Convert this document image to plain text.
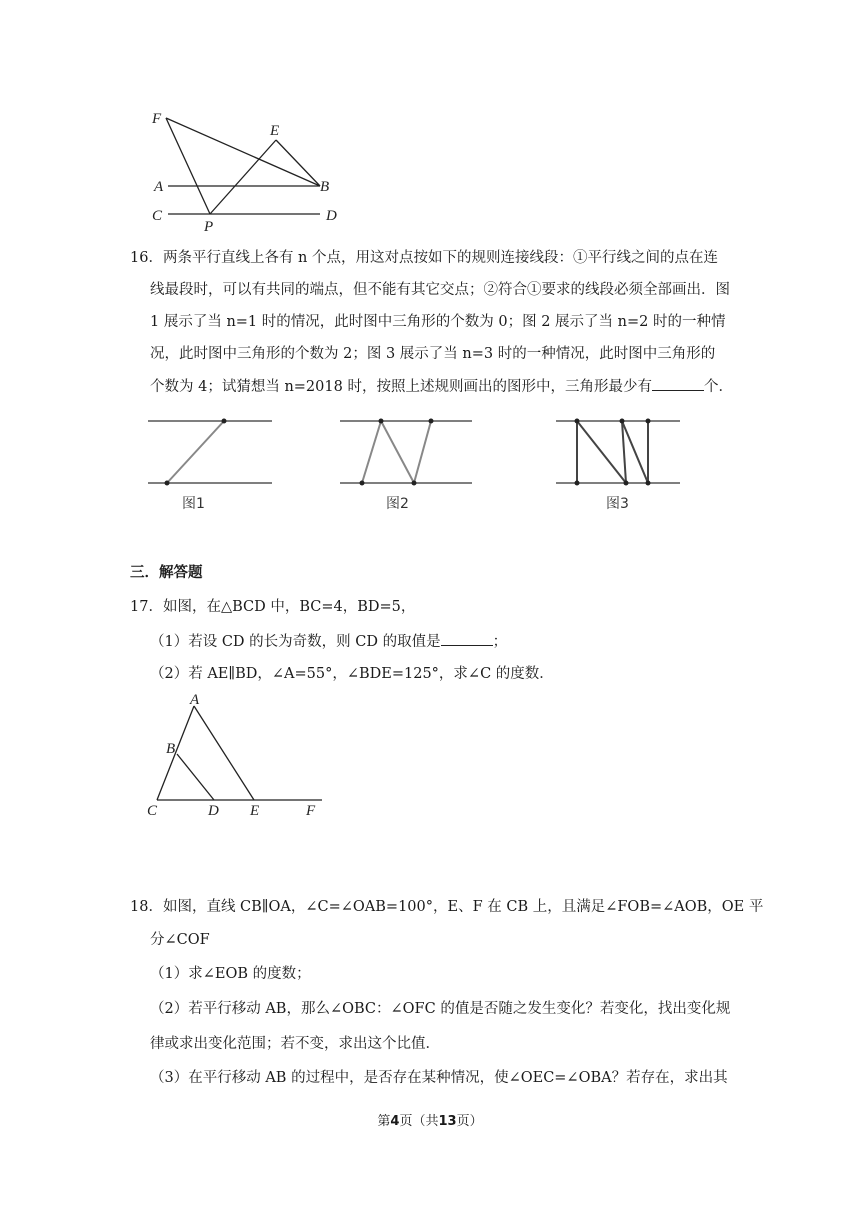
F
E
A	B
C
P
D
16．两条平行直线上各有 n 个点，用这对点按如下的规则连接线段：①平行线之间的点在连
线最段时，可以有共同的端点，但不能有其它交点；②符合①要求的线段必须全部画出．图
1 展示了当 n=1 时的情况，此时图中三角形的个数为 0；图 2 展示了当 n=2 时的一种情
况，此时图中三角形的个数为 2；图 3 展示了当 n=3 时的一种情况，此时图中三角形的
个数为 4；试猜想当 n=2018 时，按照上述规则画出的图形中，三角形最少有	个．
图1	图2	图3
三．解答题
17．如图，在△BCD 中，BC=4，BD=5，
（1）若设 CD 的长为奇数，则 CD 的取值是	；
（2）若 AE∥BD，∠A=55°，∠BDE=125°，求∠C 的度数．
A
B
C	D E	F
18．如图，直线 CB∥OA，∠C=∠OAB=100°，E、F 在 CB 上，且满足∠FOB=∠AOB，OE 平
分∠COF
（1）求∠EOB 的度数；
（2）若平行移动 AB，那么∠OBC：∠OFC 的值是否随之发生变化？若变化，找出变化规
律或求出变化范围；若不变，求出这个比值．
（3）在平行移动 AB 的过程中，是否存在某种情况，使∠OEC=∠OBA？若存在，求出其
第4页（共13页）
